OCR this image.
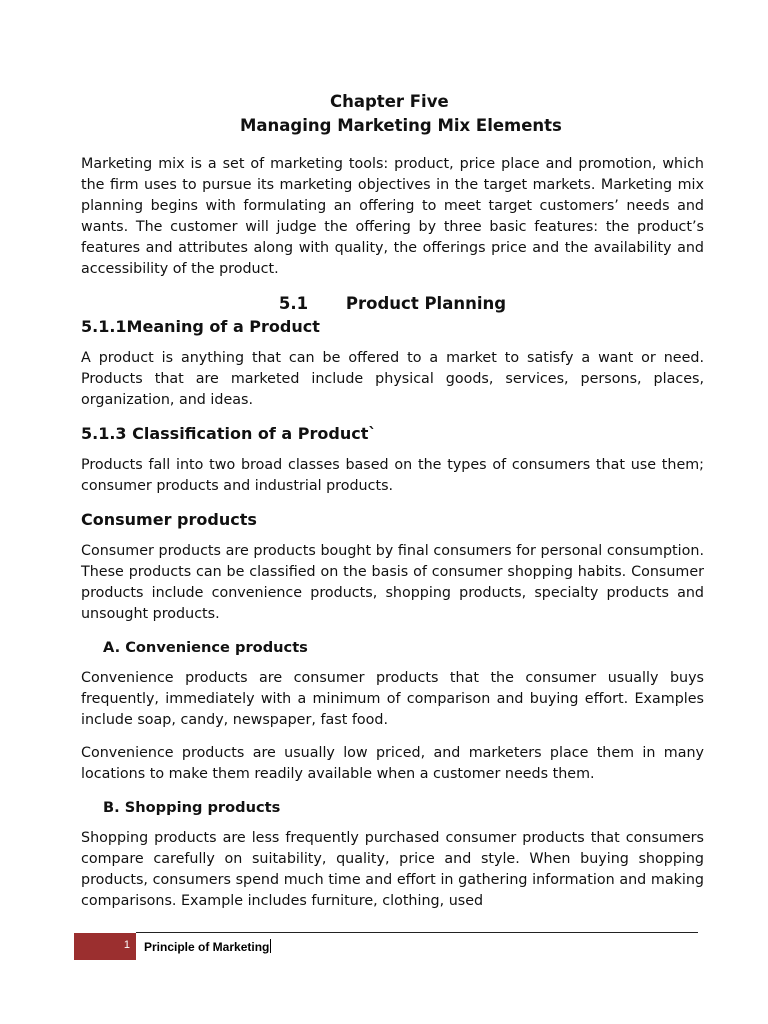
Chapter Five
Managing Marketing Mix Elements

Marketing mix is a set of marketing tools: product, price place and promotion, which the firm uses to pursue its marketing objectives in the target markets. Marketing mix planning begins with formulating an offering to meet target customers’ needs and wants. The customer will judge the offering by three basic features: the product’s features and attributes along with quality, the offerings price and the availability and accessibility of the product.

5.1 Product Planning
5.1.1Meaning of a Product

A product is anything that can be offered to a market to satisfy a want or need. Products that are marketed include physical goods, services, persons, places, organization, and ideas.

5.1.3 Classification of a Product`

Products fall into two broad classes based on the types of consumers that use them; consumer products and industrial products.

Consumer products

Consumer products are products bought by final consumers for personal consumption. These products can be classified on the basis of consumer shopping habits. Consumer products include convenience products, shopping products, specialty products and unsought products.

A. Convenience products

Convenience products are consumer products that the consumer usually buys frequently, immediately with a minimum of comparison and buying effort. Examples include soap, candy, newspaper, fast food.

Convenience products are usually low priced, and marketers place them in many locations to make them readily available when a customer needs them.

B. Shopping products

Shopping products are less frequently purchased consumer products that consumers compare carefully on suitability, quality, price and style. When buying shopping products, consumers spend much time and effort in gathering information and making comparisons. Example includes furniture, clothing, used

1 Principle of Marketing
